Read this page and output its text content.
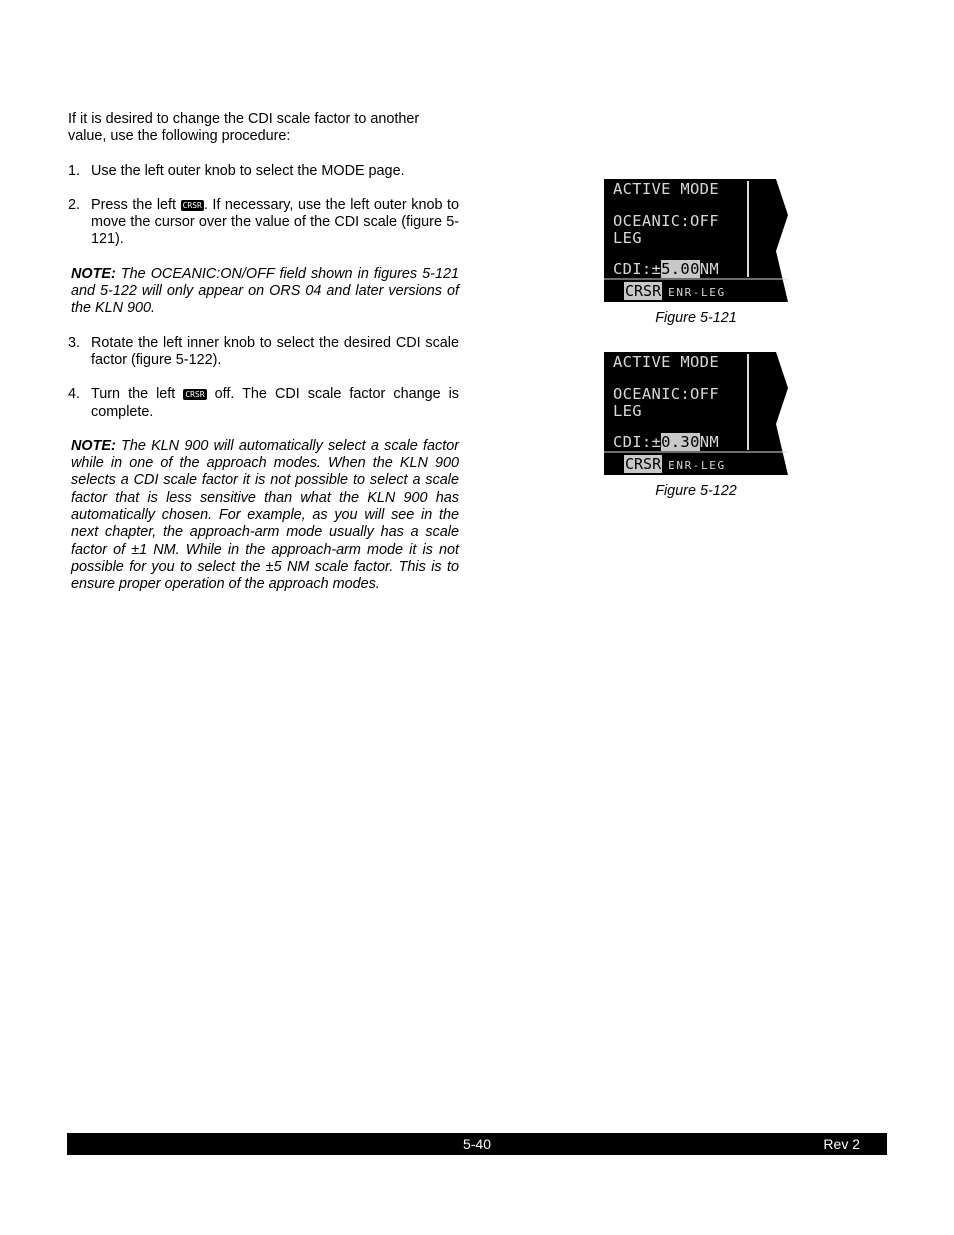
If it is desired to change the CDI scale factor to another value, use the following procedure:

1. Use the left outer knob to select the MODE page.
2. Press the left CRSR . If necessary, use the left outer knob to move the cursor over the value of the CDI scale (figure 5-121).

NOTE: The OCEANIC:ON/OFF field shown in figures 5-121 and 5-122 will only appear on ORS 04 and later versions of the KLN 900.

3. Rotate the left inner knob to select the desired CDI scale factor (figure 5-122).
4. Turn the left CRSR off. The CDI scale factor change is complete.

NOTE: The KLN 900 will automatically select a scale factor while in one of the approach modes. When the KLN 900 selects a CDI scale factor it is not possible to select a scale factor that is less sensitive than what the KLN 900 has automatically chosen. For example, as you will see in the next chapter, the approach-arm mode usually has a scale factor of ±1 NM. While in the approach-arm mode it is not possible for you to select the ±5 NM scale factor. This is to ensure proper operation of the approach modes.

ACTIVE MODE
OCEANIC:OFF
LEG
CDI:±5.00NM
CRSR ENR-LEG
Figure 5-121
ACTIVE MODE
OCEANIC:OFF
LEG
CDI:±0.30NM
CRSR ENR-LEG
Figure 5-122
5-40	Rev 2
